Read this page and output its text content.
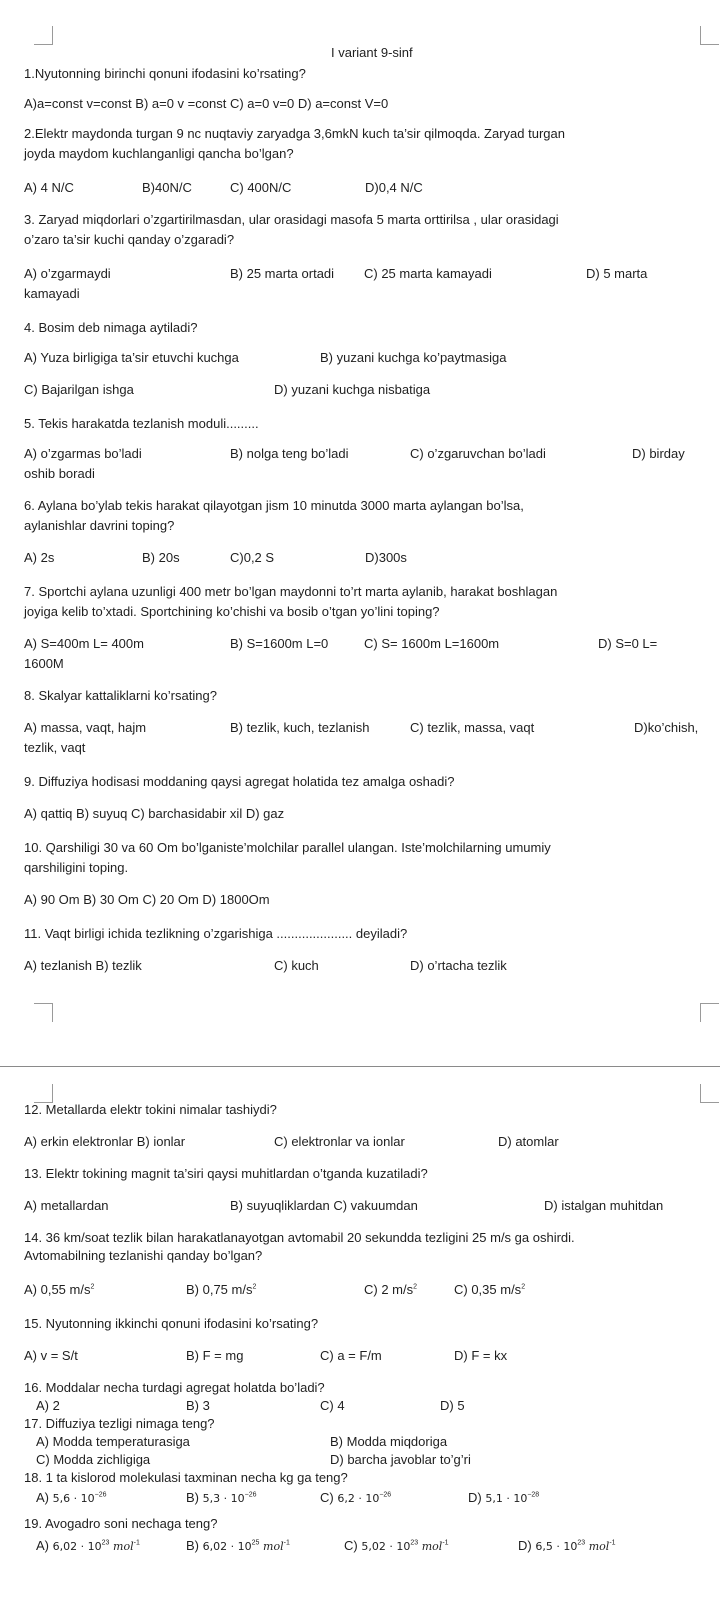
I variant 9-sinf
1.Nyutonning birinchi qonuni ifodasini ko’rsating?
A)a=const v=const B) a=0 v =const C) a=0 v=0 D) a=const V=0
2.Elektr maydonda turgan 9 nc nuqtaviy zaryadga 3,6mkN kuch ta’sir qilmoqda. Zaryad turgan
joyda maydom kuchlanganligi qancha bo’lgan?
A) 4 N/C	B)40N/C	C) 400N/C	D)0,4 N/C
3. Zaryad miqdorlari o’zgartirilmasdan, ular orasidagi masofa 5 marta orttirilsa , ular orasidagi
o’zaro ta’sir kuchi qanday o’zgaradi?
A) o’zgarmaydi	B) 25 marta ortadi C) 25 marta kamayadi	D) 5 marta
kamayadi
4. Bosim deb nimaga aytiladi?
A) Yuza birligiga ta’sir etuvchi kuchga	B) yuzani kuchga ko’paytmasiga
C) Bajarilgan ishga	D) yuzani kuchga nisbatiga
5. Tekis harakatda tezlanish moduli.........
A) o’zgarmas bo’ladi	B) nolga teng bo’ladi	C) o’zgaruvchan bo’ladi	D) birday
oshib boradi
6. Aylana bo’ylab tekis harakat qilayotgan jism 10 minutda 3000 marta aylangan bo’lsa,
aylanishlar davrini toping?
A) 2s	B) 20s	C)0,2 S	D)300s
7. Sportchi aylana uzunligi 400 metr bo’lgan maydonni to’rt marta aylanib, harakat boshlagan
joyiga kelib to’xtadi. Sportchining ko’chishi va bosib o’tgan yo’lini toping?
A) S=400m L= 400m	B) S=1600m L=0	C) S= 1600m L=1600m	D) S=0 L=
1600M
8. Skalyar kattaliklarni ko’rsating?
A) massa, vaqt, hajm	B) tezlik, kuch, tezlanish	C) tezlik, massa, vaqt	D)ko’chish,
tezlik, vaqt
9. Diffuziya hodisasi moddaning qaysi agregat holatida tez amalga oshadi?
A) qattiq B) suyuq C) barchasidabir xil D) gaz
10. Qarshiligi 30 va 60 Om bo’lganiste’molchilar parallel ulangan. Iste’molchilarning umumiy
qarshiligini toping.
A) 90 Om B) 30 Om C) 20 Om D) 1800Om
11. Vaqt birligi ichida tezlikning o’zgarishiga ..................... deyiladi?
A) tezlanish B) tezlik	C) kuch	D) o’rtacha tezlik
12. Metallarda elektr tokini nimalar tashiydi?
A) erkin elektronlar B) ionlar	C) elektronlar va ionlar	D) atomlar
13. Elektr tokining magnit ta’siri qaysi muhitlardan o’tganda kuzatiladi?
A) metallardan	B) suyuqliklardan C) vakuumdan	D) istalgan muhitdan
14. 36 km/soat tezlik bilan harakatlanayotgan avtomabil 20 sekundda tezligini 25 m/s ga oshirdi.
Avtomabilning tezlanishi qanday bo’lgan?
A) 0,55 $m/s^2$	B) 0,75 $m/s^2$	C) 2 $m/s^2$	C) 0,35 $m/s^2$
15. Nyutonning ikkinchi qonuni ifodasini ko’rsating?
A) v = S/t	B) F = mg	C) a = F/m	D) F = kx
16. Moddalar necha turdagi agregat holatda bo’ladi?
A) 2	B) 3	C) 4	D) 5
17. Diffuziya tezligi nimaga teng?
A) Modda temperaturasiga	B) Modda miqdoriga
C) Modda zichligiga	D) barcha javoblar to’g’ri
18. 1 ta kislorod molekulasi taxminan necha kg ga teng?
A) $5,6 \cdot 10^{-26}$	B) $5,3 \cdot 10^{-26}$	C) $6,2 \cdot 10^{-26}$	D) $5,1 \cdot 10^{-28}$
19. Avogadro soni nechaga teng?
A) $6,02 \cdot 10^{23}$ mol$^{-1}$	B) $6,02 \cdot 10^{25}$ mol$^{-1}$	C) $5,02 \cdot 10^{23}$ mol$^{-1}$	D) $6,5 \cdot 10^{23}$ mol$^{-1}$
